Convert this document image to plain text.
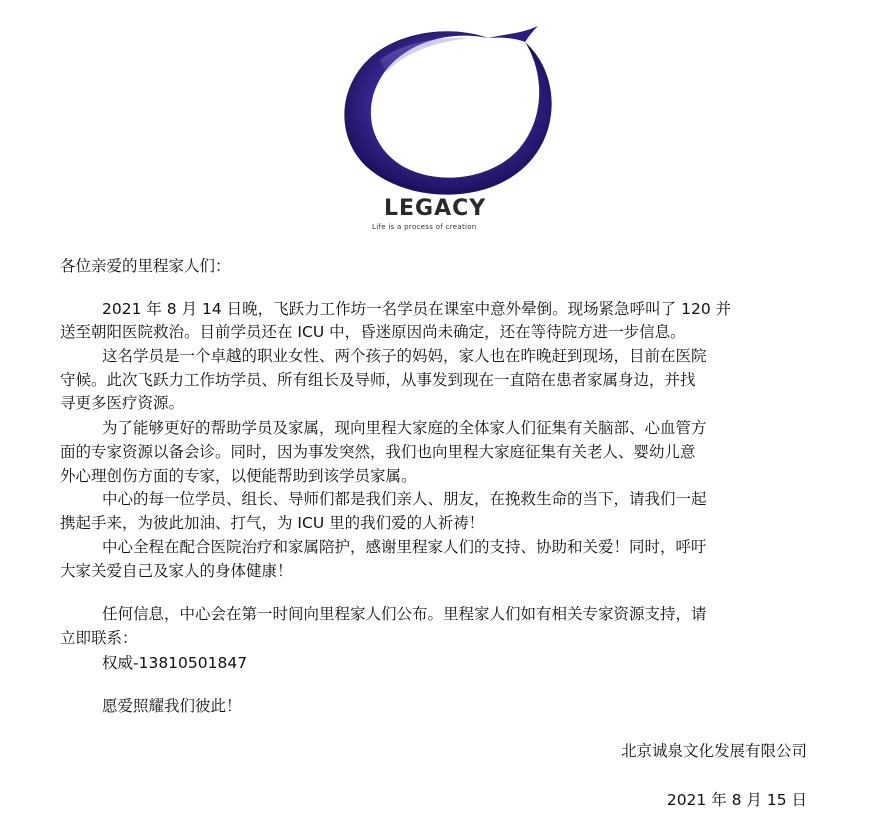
LEGACY
Life is a process of creation
各位亲爱的里程家人们：
2021 年 8 月 14 日晚，飞跃力工作坊一名学员在课室中意外晕倒。现场紧急呼叫了 120 并
送至朝阳医院救治。目前学员还在 ICU 中，昏迷原因尚未确定，还在等待院方进一步信息。
这名学员是一个卓越的职业女性、两个孩子的妈妈，家人也在昨晚赶到现场，目前在医院
守候。此次飞跃力工作坊学员、所有组长及导师，从事发到现在一直陪在患者家属身边，并找
寻更多医疗资源。
为了能够更好的帮助学员及家属，现向里程大家庭的全体家人们征集有关脑部、心血管方
面的专家资源以备会诊。同时，因为事发突然，我们也向里程大家庭征集有关老人、婴幼儿意
外心理创伤方面的专家，以便能帮助到该学员家属。
中心的每一位学员、组长、导师们都是我们亲人、朋友，在挽救生命的当下，请我们一起
携起手来，为彼此加油、打气，为 ICU 里的我们爱的人祈祷！
中心全程在配合医院治疗和家属陪护，感谢里程家人们的支持、协助和关爱！同时，呼吁
大家关爱自己及家人的身体健康！
任何信息，中心会在第一时间向里程家人们公布。里程家人们如有相关专家资源支持，请
立即联系：
权威-13810501847
愿爱照耀我们彼此！
北京诚泉文化发展有限公司
2021 年 8 月 15 日
